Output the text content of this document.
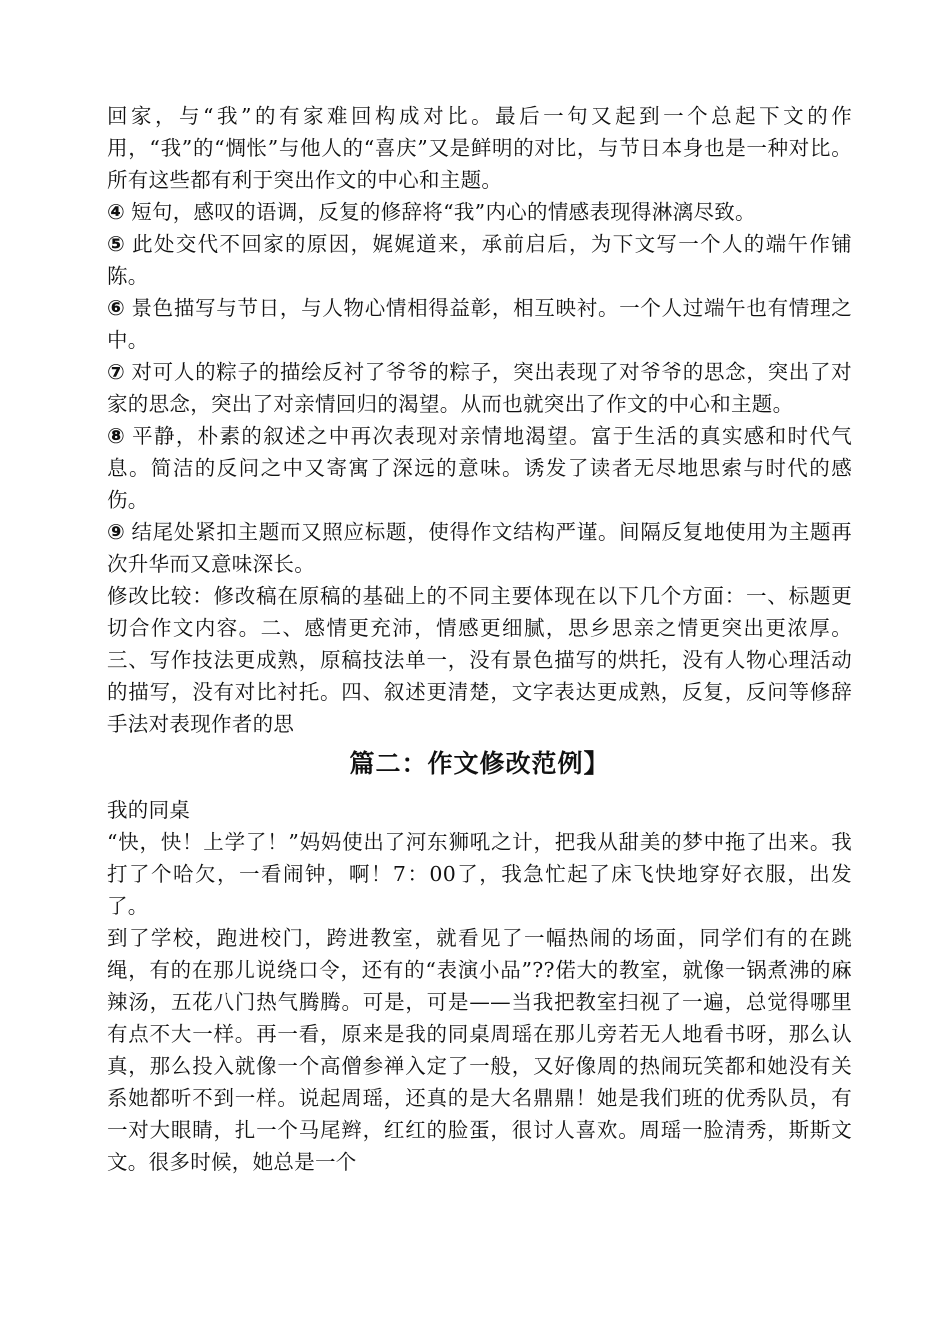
回家，与“我”的有家难回构成对比。最后一句又起到一个总起下文的作用，“我”的“惆怅”与他人的“喜庆”又是鲜明的对比，与节日本身也是一种对比。所有这些都有利于突出作文的中心和主题。

④ 短句，感叹的语调，反复的修辞将“我”内心的情感表现得淋漓尽致。

⑤ 此处交代不回家的原因，娓娓道来，承前启后，为下文写一个人的端午作铺陈。

⑥ 景色描写与节日，与人物心情相得益彰，相互映衬。一个人过端午也有情理之中。

⑦ 对可人的粽子的描绘反衬了爷爷的粽子，突出表现了对爷爷的思念，突出了对家的思念，突出了对亲情回归的渴望。从而也就突出了作文的中心和主题。

⑧ 平静，朴素的叙述之中再次表现对亲情地渴望。富于生活的真实感和时代气息。简洁的反问之中又寄寓了深远的意味。诱发了读者无尽地思索与时代的感伤。

⑨ 结尾处紧扣主题而又照应标题，使得作文结构严谨。间隔反复地使用为主题再次升华而又意味深长。

修改比较：修改稿在原稿的基础上的不同主要体现在以下几个方面：一、标题更切合作文内容。二、感情更充沛，情感更细腻，思乡思亲之情更突出更浓厚。三、写作技法更成熟，原稿技法单一，没有景色描写的烘托，没有人物心理活动的描写，没有对比衬托。四、叙述更清楚，文字表达更成熟，反复，反问等修辞手法对表现作者的思

篇二：作文修改范例】

我的同桌

“快，快！上学了！”妈妈使出了河东狮吼之计，把我从甜美的梦中拖了出来。我打了个哈欠，一看闹钟，啊！7：00了，我急忙起了床飞快地穿好衣服，出发了。

到了学校，跑进校门，跨进教室，就看见了一幅热闹的场面，同学们有的在跳绳，有的在那儿说绕口令，还有的“表演小品”??偌大的教室，就像一锅煮沸的麻辣汤，五花八门热气腾腾。可是，可是——当我把教室扫视了一遍，总觉得哪里有点不大一样。再一看，原来是我的同桌周瑶在那儿旁若无人地看书呀，那么认真，那么投入就像一个高僧参禅入定了一般，又好像周的热闹玩笑都和她没有关系她都听不到一样。说起周瑶，还真的是大名鼎鼎！她是我们班的优秀队员，有一对大眼睛，扎一个马尾辫，红红的脸蛋，很讨人喜欢。周瑶一脸清秀，斯斯文文。很多时候，她总是一个
